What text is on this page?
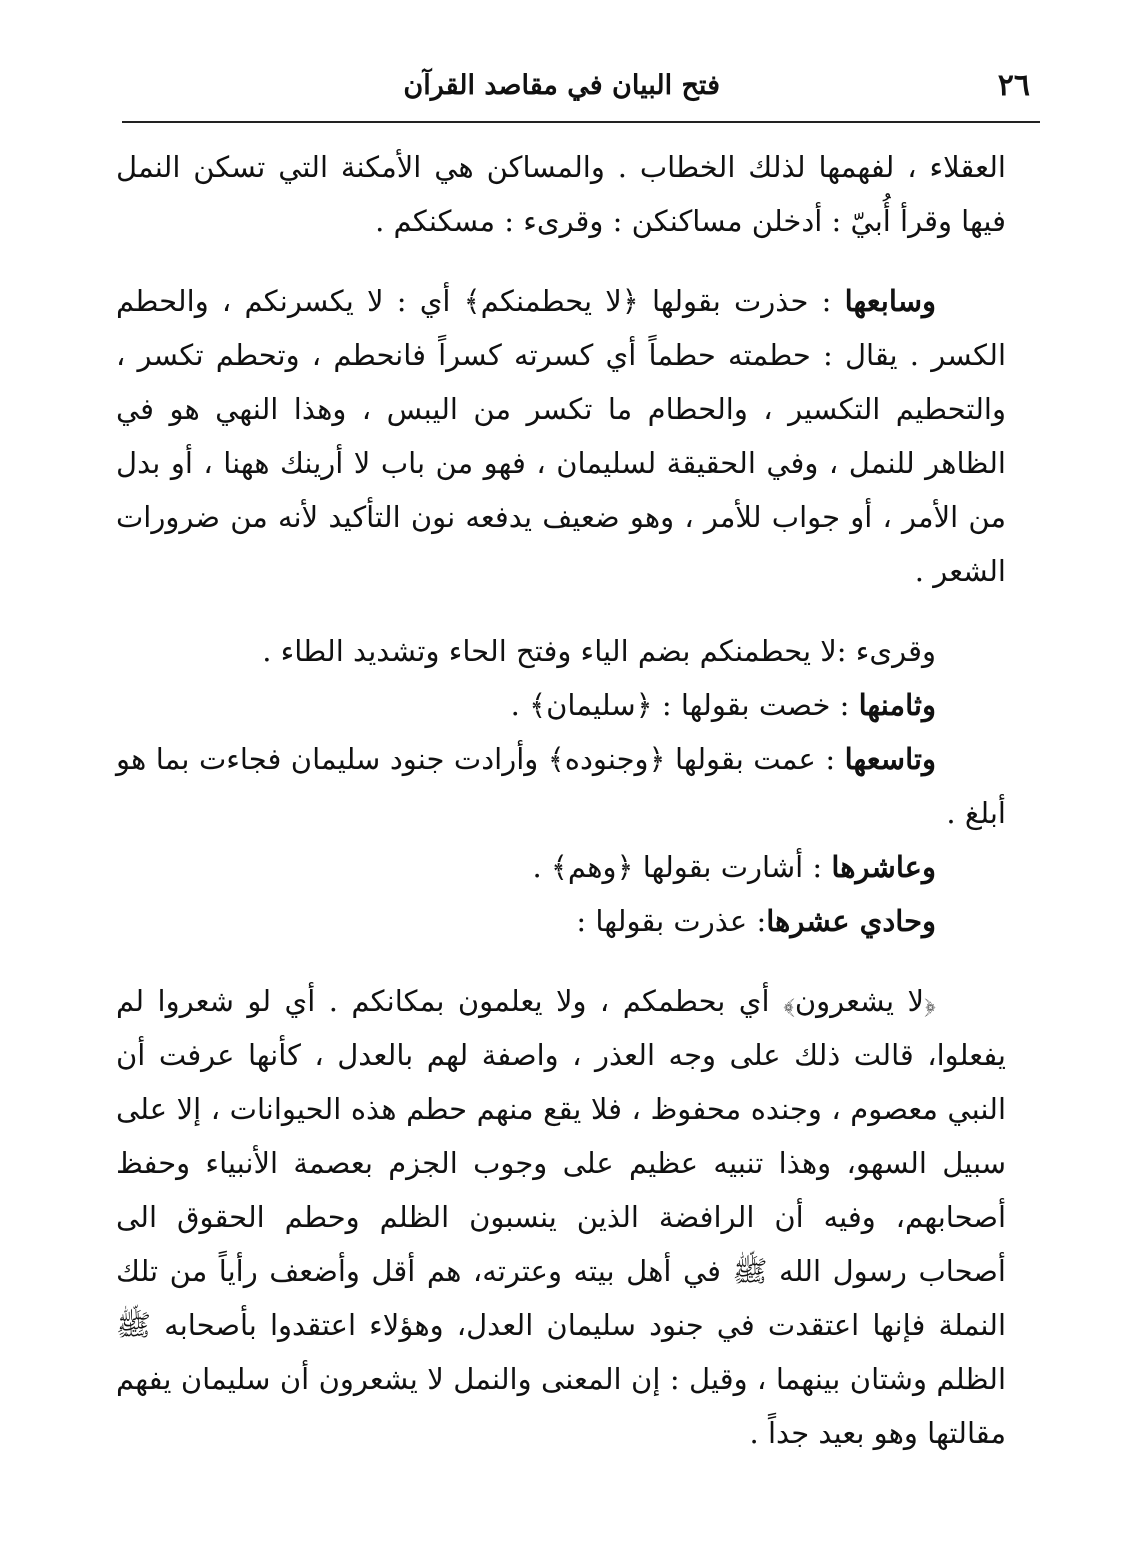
٢٦
فتح البيان في مقاصد القرآن

العقلاء ، لفهمها لذلك الخطاب . والمساكن هي الأمكنة التي تسكن النمل فيها وقرأ أُبيّ : أدخلن مساكنكن : وقرىء : مسكنكم .

وسابعها : حذرت بقولها ﴿لا يحطمنكم﴾ أي : لا يكسرنكم ، والحطم الكسر . يقال : حطمته حطماً أي كسرته كسراً فانحطم ، وتحطم تكسر ، والتحطيم التكسير ، والحطام ما تكسر من اليبس ، وهذا النهي هو في الظاهر للنمل ، وفي الحقيقة لسليمان ، فهو من باب لا أرينك ههنا ، أو بدل من الأمر ، أو جواب للأمر ، وهو ضعيف يدفعه نون التأكيد لأنه من ضرورات الشعر .

وقرىء :لا يحطمنكم بضم الياء وفتح الحاء وتشديد الطاء .

وثامنها : خصت بقولها : ﴿سليمان﴾ .

وتاسعها : عمت بقولها ﴿وجنوده﴾ وأرادت جنود سليمان فجاءت بما هو أبلغ .

وعاشرها : أشارت بقولها ﴿وهم﴾ .

وحادي عشرها: عذرت بقولها :

﴿لا يشعرون﴾ أي بحطمكم ، ولا يعلمون بمكانكم . أي لو شعروا لم يفعلوا، قالت ذلك على وجه العذر ، واصفة لهم بالعدل ، كأنها عرفت أن النبي معصوم ، وجنده محفوظ ، فلا يقع منهم حطم هذه الحيوانات ، إلا على سبيل السهو، وهذا تنبيه عظيم على وجوب الجزم بعصمة الأنبياء وحفظ أصحابهم، وفيه أن الرافضة الذين ينسبون الظلم وحطم الحقوق الى أصحاب رسول الله ﷺ في أهل بيته وعترته، هم أقل وأضعف رأياً من تلك النملة فإنها اعتقدت في جنود سليمان العدل، وهؤلاء اعتقدوا بأصحابه ﷺ الظلم وشتان بينهما ، وقيل : إن المعنى والنمل لا يشعرون أن سليمان يفهم مقالتها وهو بعيد جداً .
